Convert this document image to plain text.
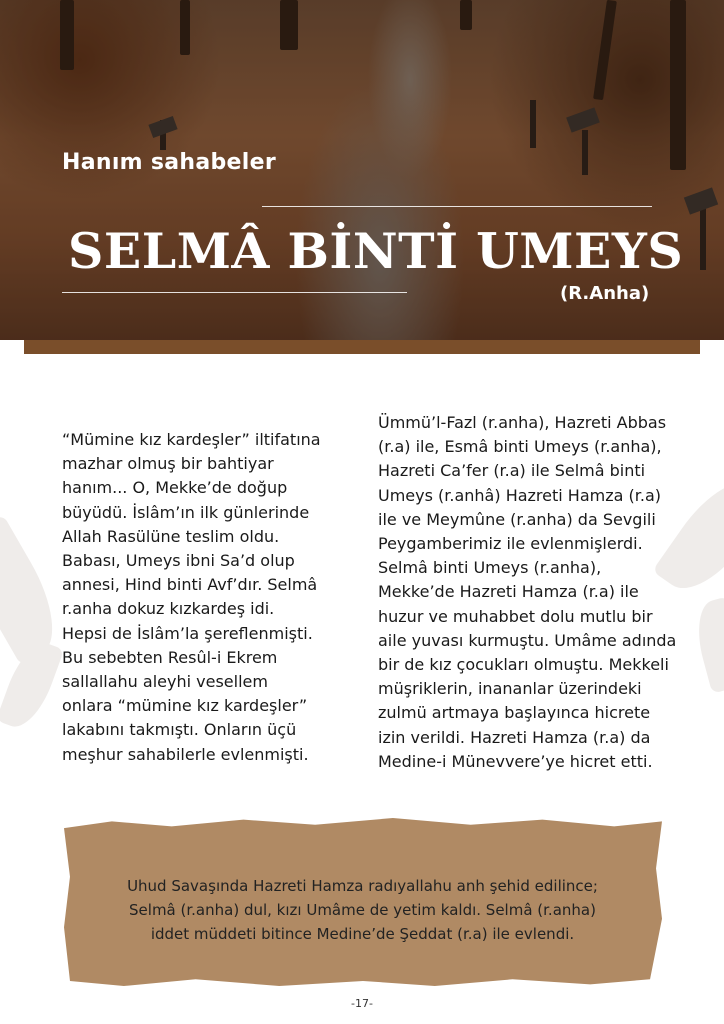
Hanım sahabeler
SELMÂ BİNTİ UMEYS
(R.Anha)
“Mümine kız kardeşler” iltifatına
mazhar olmuş bir bahtiyar
hanım... O, Mekke’de doğup
büyüdü. İslâm’ın ilk günlerinde
Allah Rasülüne teslim oldu.
Babası, Umeys ibni Sa’d olup
annesi, Hind binti Avf’dır. Selmâ
r.anha dokuz kızkardeş idi.
Hepsi de İslâm’la şereflenmişti.
Bu sebebten Resûl-i Ekrem
sallallahu aleyhi vesellem
onlara “mümine kız kardeşler”
lakabını takmıştı. Onların üçü
meşhur sahabilerle evlenmişti.
Ümmü’l-Fazl (r.anha), Hazreti Abbas
(r.a) ile, Esmâ binti Umeys (r.anha),
Hazreti Ca’fer (r.a) ile Selmâ binti
Umeys (r.anhâ) Hazreti Hamza (r.a)
ile ve Meymûne (r.anha) da Sevgili
Peygamberimiz ile evlenmişlerdi.
Selmâ binti Umeys (r.anha),
Mekke’de Hazreti Hamza (r.a) ile
huzur ve muhabbet dolu mutlu bir
aile yuvası kurmuştu. Umâme adında
bir de kız çocukları olmuştu. Mekkeli
müşriklerin, inananlar üzerindeki
zulmü artmaya başlayınca hicrete
izin verildi. Hazreti Hamza (r.a) da
Medine-i Münevvere’ye hicret etti.
Uhud Savaşında Hazreti Hamza radıyallahu anh şehid edilince;
Selmâ (r.anha) dul, kızı Umâme de yetim kaldı. Selmâ (r.anha)
iddet müddeti bitince Medine’de Şeddat (r.a) ile evlendi.
-17-
